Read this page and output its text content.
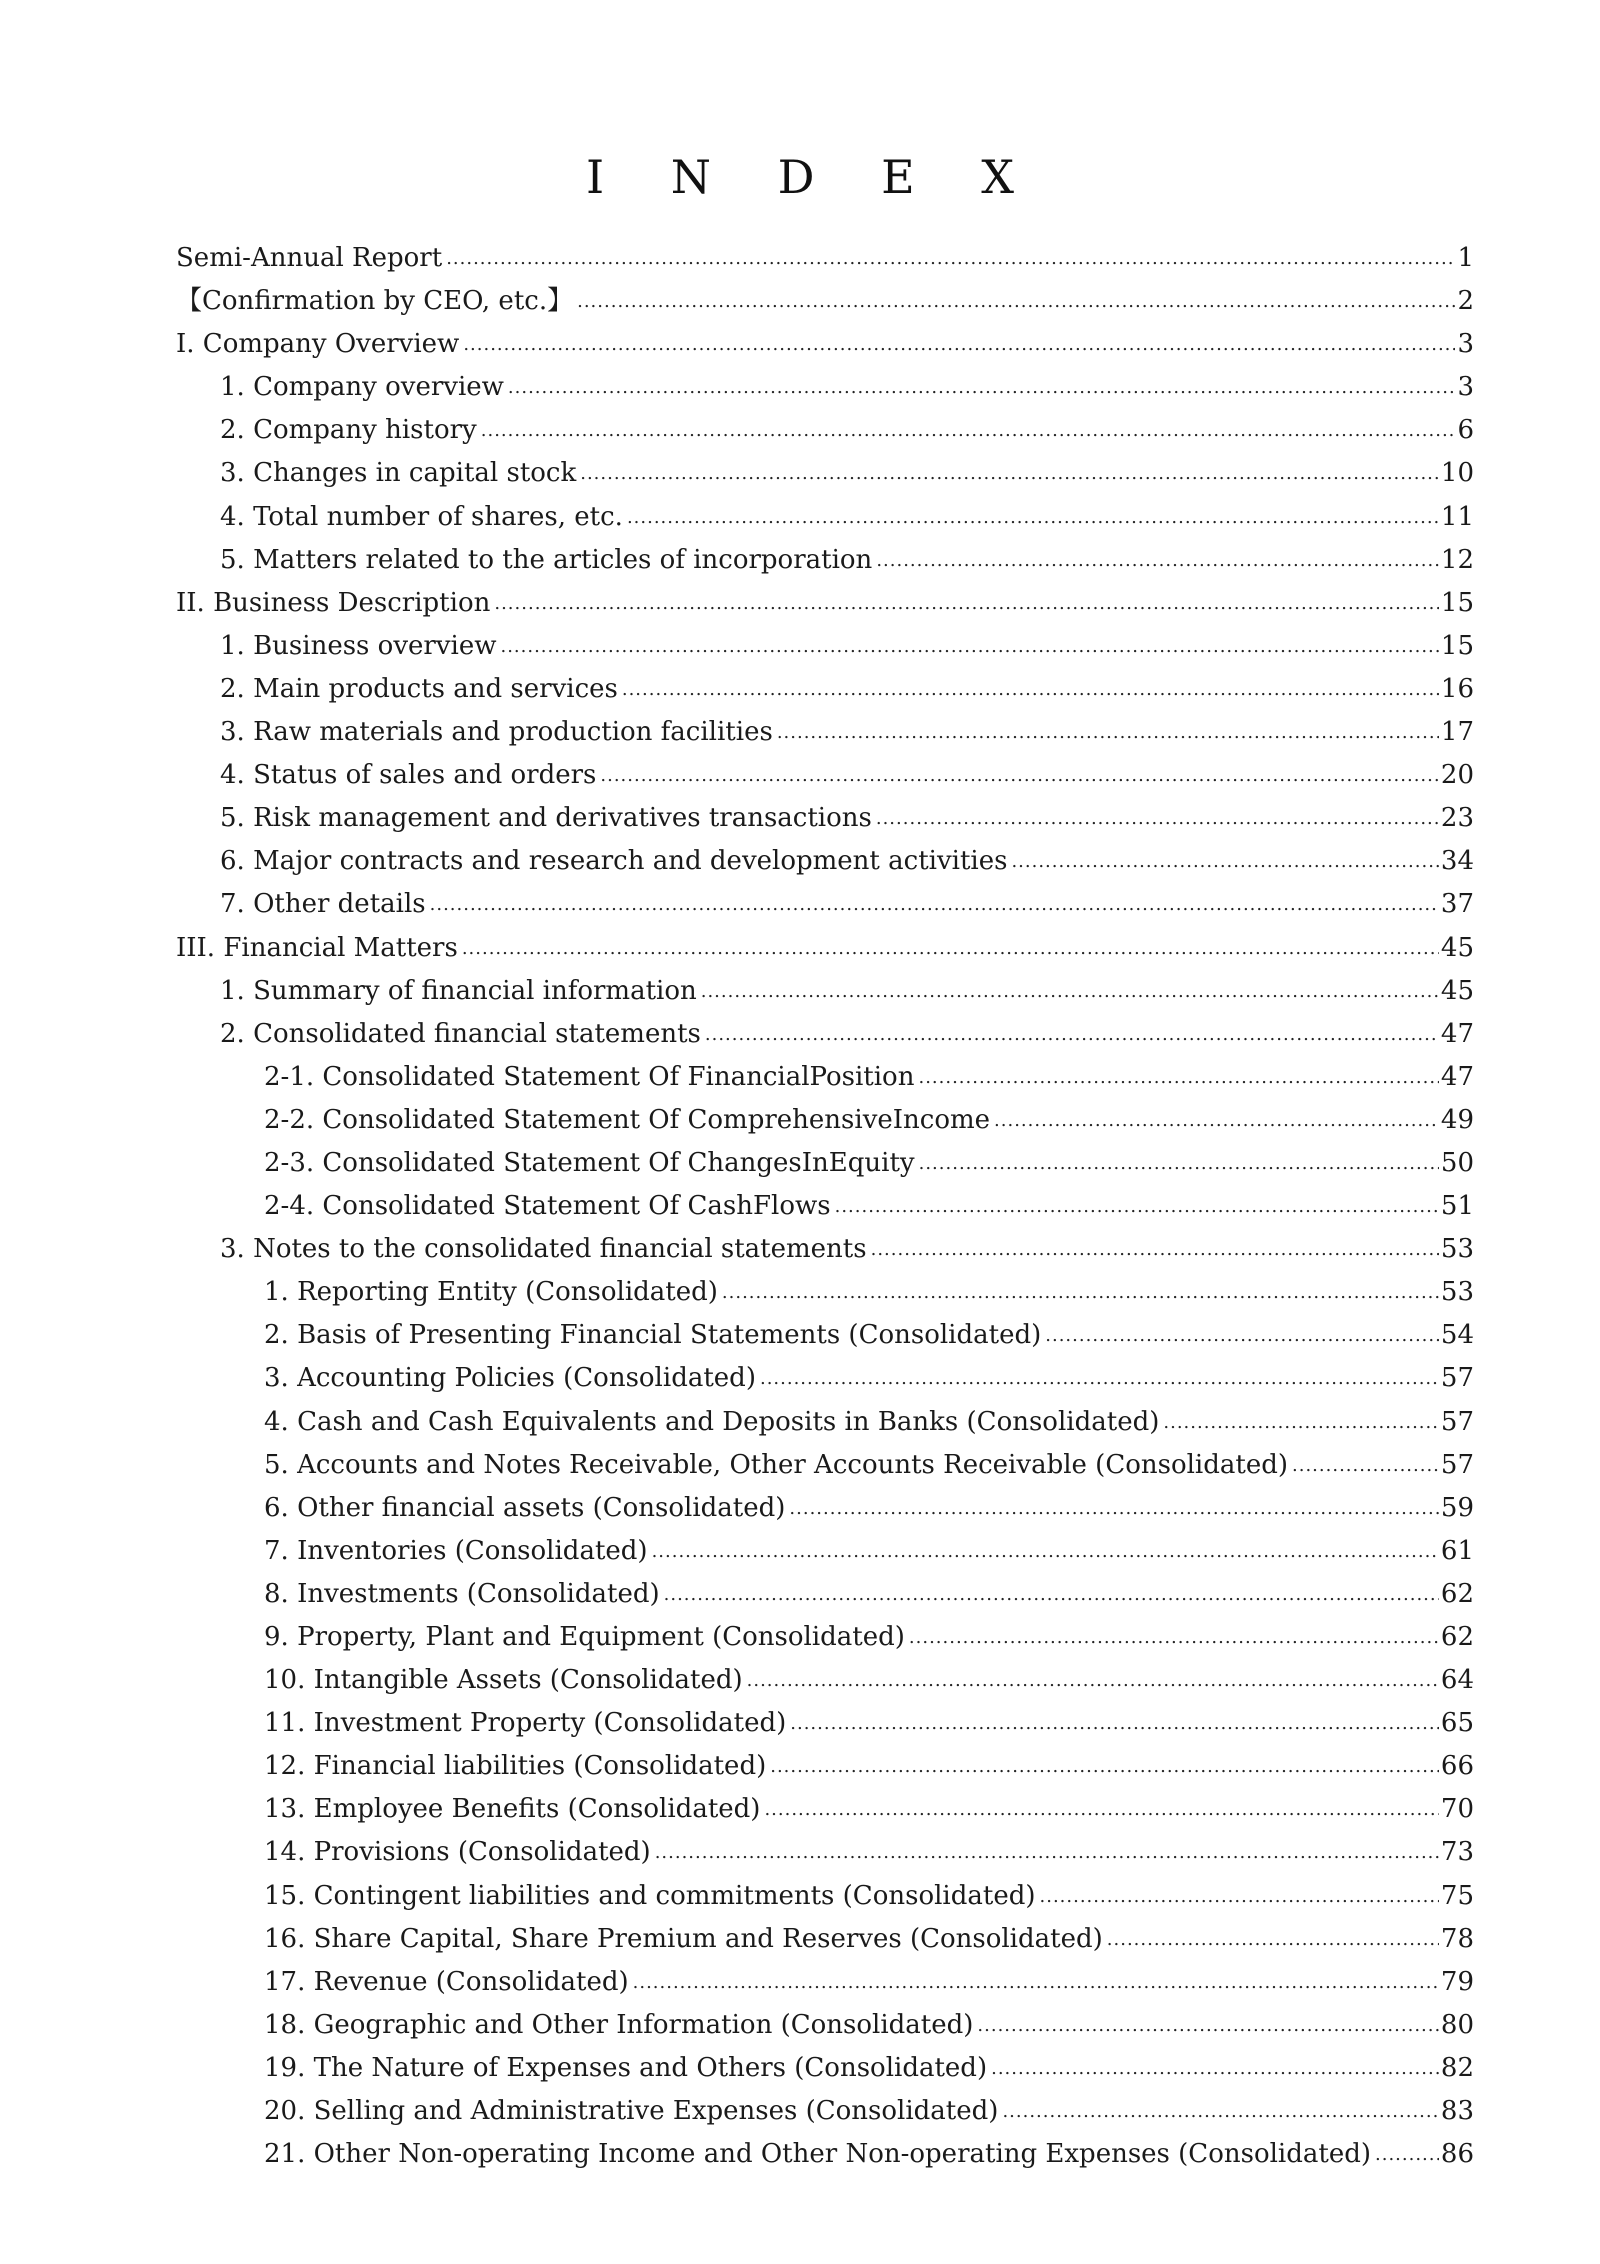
I N D E X
Semi-Annual Report .....	1
【Confirmation by CEO, etc.】 .....	2
I. Company Overview .....	3
1. Company overview .....	3
2. Company history .....	6
3. Changes in capital stock .....	10
4. Total number of shares, etc. .....	11
5. Matters related to the articles of incorporation .....	12
II. Business Description .....	15
1. Business overview .....	15
2. Main products and services .....	16
3. Raw materials and production facilities .....	17
4. Status of sales and orders .....	20
5. Risk management and derivatives transactions .....	23
6. Major contracts and research and development activities .....	34
7. Other details .....	37
III. Financial Matters .....	45
1. Summary of financial information .....	45
2. Consolidated financial statements .....	47
2-1. Consolidated Statement Of FinancialPosition .....	47
2-2. Consolidated Statement Of ComprehensiveIncome .....	49
2-3. Consolidated Statement Of ChangesInEquity .....	50
2-4. Consolidated Statement Of CashFlows .....	51
3. Notes to the consolidated financial statements .....	53
1. Reporting Entity (Consolidated) .....	53
2. Basis of Presenting Financial Statements (Consolidated) .....	54
3. Accounting Policies (Consolidated) .....	57
4. Cash and Cash Equivalents and Deposits in Banks (Consolidated) .....	57
5. Accounts and Notes Receivable, Other Accounts Receivable (Consolidated) .....	57
6. Other financial assets (Consolidated) .....	59
7. Inventories (Consolidated) .....	61
8. Investments (Consolidated) .....	62
9. Property, Plant and Equipment (Consolidated) .....	62
10. Intangible Assets (Consolidated) .....	64
11. Investment Property (Consolidated) .....	65
12. Financial liabilities (Consolidated) .....	66
13. Employee Benefits (Consolidated) .....	70
14. Provisions (Consolidated) .....	73
15. Contingent liabilities and commitments (Consolidated) .....	75
16. Share Capital, Share Premium and Reserves (Consolidated) .....	78
17. Revenue (Consolidated) .....	79
18. Geographic and Other Information (Consolidated) .....	80
19. The Nature of Expenses and Others (Consolidated) .....	82
20. Selling and Administrative Expenses (Consolidated) .....	83
21. Other Non-operating Income and Other Non-operating Expenses (Consolidated) .....	86
